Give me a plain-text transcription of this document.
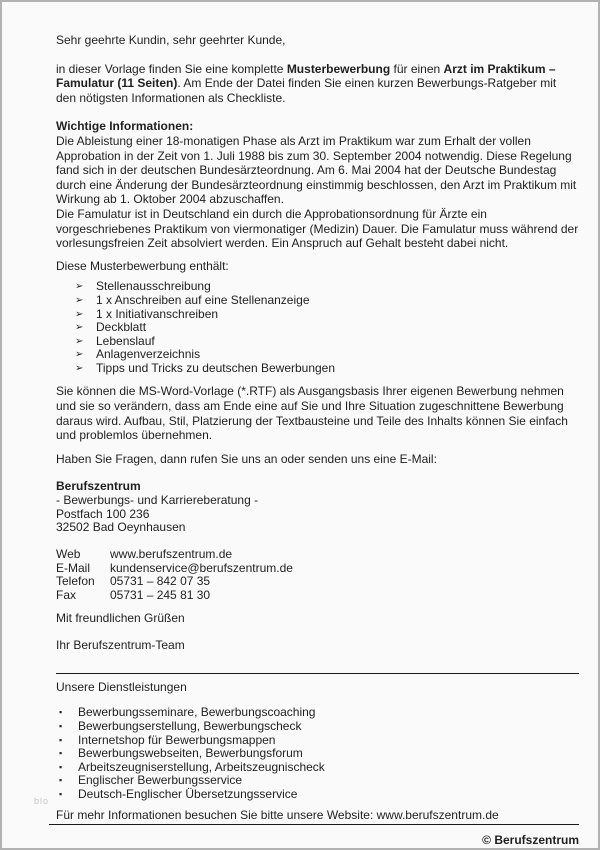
Sehr geehrte Kundin, sehr geehrter Kunde,

in dieser Vorlage finden Sie eine komplette Musterbewerbung für einen Arzt im Praktikum – Famulatur (11 Seiten). Am Ende der Datei finden Sie einen kurzen Bewerbungs-Ratgeber mit den nötigsten Informationen als Checkliste.

Wichtige Informationen:

Die Ableistung einer 18-monatigen Phase als Arzt im Praktikum war zum Erhalt der vollen Approbation in der Zeit von 1. Juli 1988 bis zum 30. September 2004 notwendig. Diese Regelung fand sich in der deutschen Bundesärzteordnung. Am 6. Mai 2004 hat der Deutsche Bundestag durch eine Änderung der Bundesärzteordnung einstimmig beschlossen, den Arzt im Praktikum mit Wirkung ab 1. Oktober 2004 abzuschaffen.

Die Famulatur ist in Deutschland ein durch die Approbationsordnung für Ärzte ein vorgeschriebenes Praktikum von viermonatiger (Medizin) Dauer. Die Famulatur muss während der vorlesungsfreien Zeit absolviert werden. Ein Anspruch auf Gehalt besteht dabei nicht.

Diese Musterbewerbung enthält:

➢	Stellenausschreibung
➢	1 x Anschreiben auf eine Stellenanzeige
➢	1 x Initiativanschreiben
➢	Deckblatt
➢	Lebenslauf
➢	Anlagenverzeichnis
➢	Tipps und Tricks zu deutschen Bewerbungen

Sie können die MS-Word-Vorlage (*.RTF) als Ausgangsbasis Ihrer eigenen Bewerbung nehmen und sie so verändern, dass am Ende eine auf Sie und Ihre Situation zugeschnittene Bewerbung daraus wird. Aufbau, Stil, Platzierung der Textbausteine und Teile des Inhalts können Sie einfach und problemlos übernehmen.

Haben Sie Fragen, dann rufen Sie uns an oder senden uns eine E-Mail:

Berufszentrum

- Bewerbungs- und Karriereberatung -

Postfach 100 236

32502 Bad Oeynhausen

Web	www.berufszentrum.de
E-Mail	kundenservice@berufszentrum.de
Telefon	05731 – 842 07 35
Fax	05731 – 245 81 30

Mit freundlichen Grüßen

Ihr Berufszentrum-Team

Unsere Dienstleistungen

▪	Bewerbungsseminare, Bewerbungscoaching
▪	Bewerbungserstellung, Bewerbungscheck
▪	Internetshop für Bewerbungsmappen
▪	Bewerbungswebseiten, Bewerbungsforum
▪	Arbeitszeugniserstellung, Arbeitszeugnischeck
▪	Englischer Bewerbungsservice
▪	Deutsch-Englischer Übersetzungsservice

Für mehr Informationen besuchen Sie bitte unsere Website: www.berufszentrum.de

© Berufszentrum

blo
